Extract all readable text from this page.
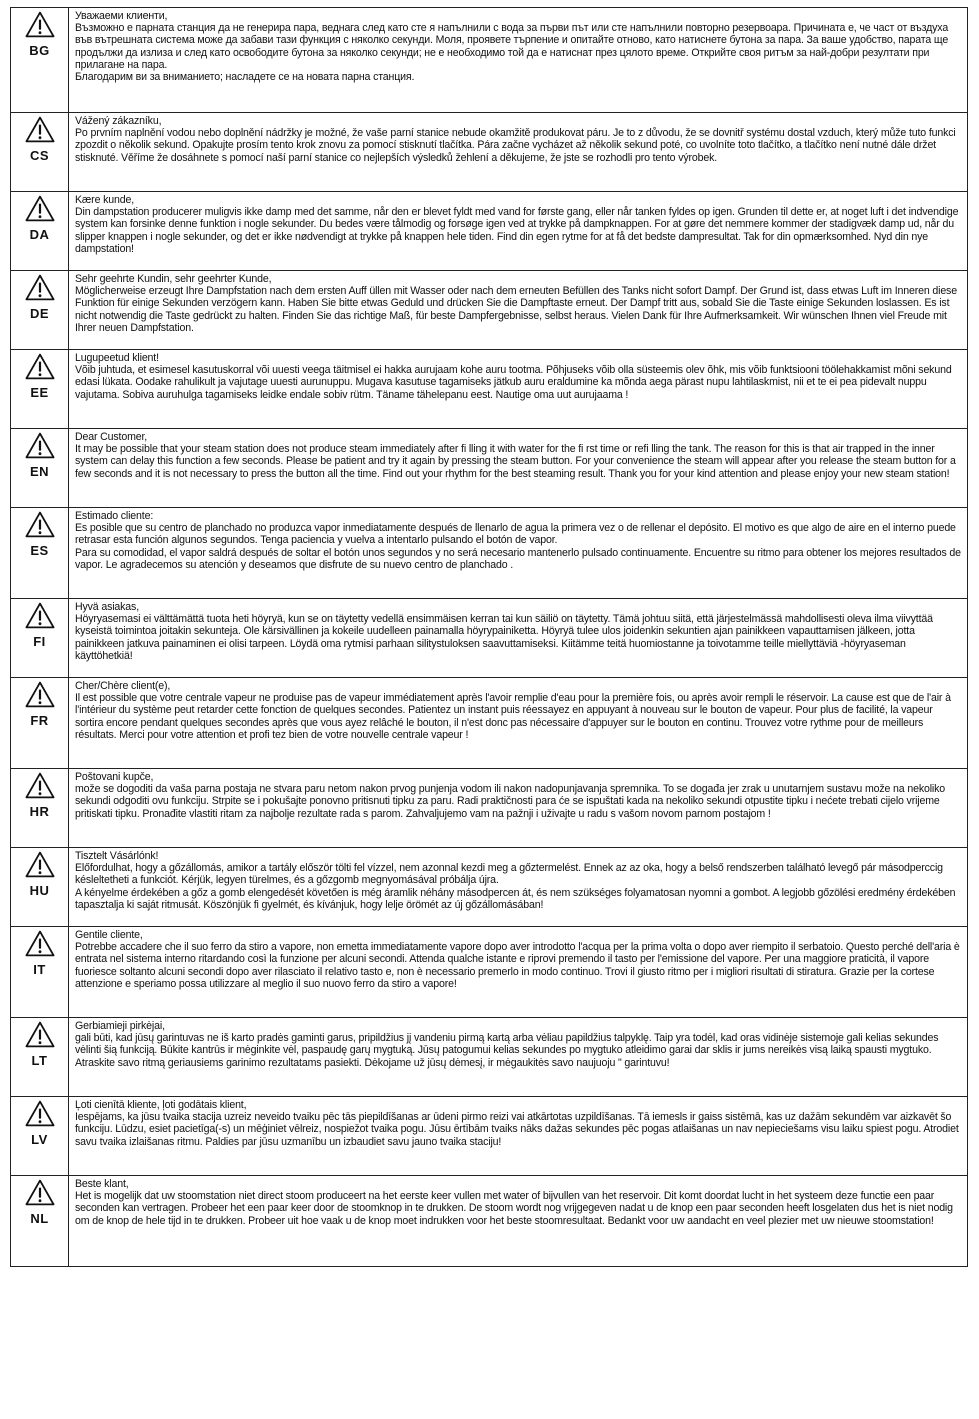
BG

Уважаеми клиенти,

Възможно е парната станция да не генерира пара, веднага след като сте я напълнили с вода за първи път или сте напълнили повторно резервоара. Причината е, че част от въздуха във вътрешната система може да забави тази функция с няколко секунди. Моля, проявете търпение и опитайте отново, като натиснете бутона за пара. За ваше удобство, парата ще продължи да излиза и след като освободите бутона за няколко секунди; не е необходимо той да е натиснат през цялото време. Открийте своя ритъм за най-добри резултати при прилагане на пара.

Благодарим ви за вниманието; насладете се на новата парна станция.

CS

Vážený zákazníku,

Po prvním naplnění vodou nebo doplnění nádržky je možné, že vaše parní stanice nebude okamžitě produkovat páru. Je to z důvodu, že se dovnitř systému dostal vzduch, který může tuto funkci zpozdit o několik sekund. Opakujte prosím tento krok znovu za pomocí stisknutí tlačítka. Pára začne vycházet až několik sekund poté, co uvolníte toto tlačítko, a tlačítko není nutné dále držet stisknuté. Věříme že dosáhnete s pomocí naší parní stanice co nejlepších výsledků žehlení a děkujeme, že jste se rozhodli pro tento výrobek.

DA

Kære kunde,

Din dampstation producerer muligvis ikke damp med det samme, når den er blevet fyldt med vand for første gang, eller når tanken fyldes op igen. Grunden til dette er, at noget luft i det indvendige system kan forsinke denne funktion i nogle sekunder. Du bedes være tålmodig og forsøge igen ved at trykke på dampknappen. For at gøre det nemmere kommer der stadigvæk damp ud, når du slipper knappen i nogle sekunder, og det er ikke nødvendigt at trykke på knappen hele tiden. Find din egen rytme for at få det bedste dampresultat. Tak for din opmærksomhed. Nyd din nye dampstation!

DE

Sehr geehrte Kundin, sehr geehrter Kunde,

Möglicherweise erzeugt Ihre Dampfstation nach dem ersten Auff üllen mit Wasser oder nach dem erneuten Befüllen des Tanks nicht sofort Dampf. Der Grund ist, dass etwas Luft im Inneren diese Funktion für einige Sekunden verzögern kann. Haben Sie bitte etwas Geduld und drücken Sie die Dampftaste erneut. Der Dampf tritt aus, sobald Sie die Taste einige Sekunden loslassen. Es ist nicht notwendig die Taste gedrückt zu halten. Finden Sie das richtige Maß, für beste Dampfergebnisse, selbst heraus. Vielen Dank für Ihre Aufmerksamkeit. Wir wünschen Ihnen viel Freude mit Ihrer neuen Dampfstation.

EE

Lugupeetud klient!

Võib juhtuda, et esimesel kasutuskorral või uuesti veega täitmisel ei hakka aurujaam kohe auru tootma. Põhjuseks võib olla süsteemis olev õhk, mis võib funktsiooni töölehakkamist mõni sekund edasi lükata. Oodake rahulikult ja vajutage uuesti aurunuppu. Mugava kasutuse tagamiseks jätkub auru eraldumine ka mõnda aega pärast nupu lahtilaskmist, nii et te ei pea pidevalt nuppu vajutama. Sobiva auruhulga tagamiseks leidke endale sobiv rütm. Täname tähelepanu eest. Nautige oma uut aurujaama !

EN

Dear Customer,

It may be possible that your steam station does not produce steam immediately after fi lling it with water for the fi rst time or refi lling the tank. The reason for this is that air trapped in the inner system can delay this function a few seconds. Please be patient and try it again by pressing the steam button. For your convenience the steam will appear after you release the steam button for a few seconds and it is not necessary to press the button all the time. Find out your rhythm for the best steaming result. Thank you for your kind attention and please enjoy your new steam station!

ES

Estimado cliente:

Es posible que su centro de planchado no produzca vapor inmediatamente después de llenarlo de agua la primera vez o de rellenar el depósito. El motivo es que algo de aire en el interno puede retrasar esta función algunos segundos. Tenga paciencia y vuelva a intentarlo pulsando el botón de vapor.

Para su comodidad, el vapor saldrá después de soltar el botón unos segundos y no será necesario mantenerlo pulsado continuamente. Encuentre su ritmo para obtener los mejores resultados de vapor. Le agradecemos su atención y deseamos que disfrute de su nuevo centro de planchado .

FI

Hyvä asiakas,

Höyryasemasi ei välttämättä tuota heti höyryä, kun se on täytetty vedellä ensimmäisen kerran tai kun säiliö on täytetty. Tämä johtuu siitä, että järjestelmässä mahdollisesti oleva ilma viivyttää kyseistä toimintoa joitakin sekunteja. Ole kärsivällinen ja kokeile uudelleen painamalla höyrypainiketta. Höyryä tulee ulos joidenkin sekuntien ajan painikkeen vapauttamisen jälkeen, jotta painikkeen jatkuva painaminen ei olisi tarpeen. Löydä oma rytmisi parhaan silitystuloksen saavuttamiseksi. Kiitämme teitä huomiostanne ja toivotamme teille miellyttäviä -höyryaseman käyttöhetkiä!

FR

Cher/Chère client(e),

Il est possible que votre centrale vapeur ne produise pas de vapeur immédiatement après l'avoir remplie d'eau pour la première fois, ou après avoir rempli le réservoir. La cause est que de l'air à l'intérieur du système peut retarder cette fonction de quelques secondes. Patientez un instant puis réessayez en appuyant à nouveau sur le bouton de vapeur. Pour plus de facilité, la vapeur sortira encore pendant quelques secondes après que vous ayez relâché le bouton, il n'est donc pas nécessaire d'appuyer sur le bouton en continu. Trouvez votre rythme pour de meilleurs résultats. Merci pour votre attention et profi tez bien de votre nouvelle centrale vapeur !

HR

Poštovani kupče,

može se dogoditi da vaša parna postaja ne stvara paru netom nakon prvog punjenja vodom ili nakon nadopunjavanja spremnika. To se događa jer zrak u unutarnjem sustavu može na nekoliko sekundi odgoditi ovu funkciju. Strpite se i pokušajte ponovno pritisnuti tipku za paru. Radi praktičnosti para će se ispuštati kada na nekoliko sekundi otpustite tipku i nećete trebati cijelo vrijeme pritiskati tipku. Pronađite vlastiti ritam za najbolje rezultate rada s parom. Zahvaljujemo vam na pažnji i uživajte u radu s vašom novom parnom postajom !

HU

Tisztelt Vásárlónk!

Előfordulhat, hogy a gőzállomás, amikor a tartály először tölti fel vízzel, nem azonnal kezdi meg a gőztermelést. Ennek az az oka, hogy a belső rendszerben található levegő pár másodperccig késleltetheti a funkciót. Kérjük, legyen türelmes, és a gőzgomb megnyomásával próbálja újra.

A kényelme érdekében a gőz a gomb elengedését követően is még áramlik néhány másodpercen át, és nem szükséges folyamatosan nyomni a gombot. A legjobb gőzölési eredmény érdekében tapasztalja ki saját ritmusát. Köszönjük fi gyelmét, és kívánjuk, hogy lelje örömét az új gőzállomásában!

IT

Gentile cliente,

Potrebbe accadere che il suo ferro da stiro a vapore, non emetta immediatamente vapore dopo aver introdotto l'acqua per la prima volta o dopo aver riempito il serbatoio. Questo perché dell'aria è entrata nel sistema interno ritardando così la funzione per alcuni secondi. Attenda qualche istante e riprovi premendo il tasto per l'emissione del vapore. Per una maggiore praticità, il vapore fuoriesce soltanto alcuni secondi dopo aver rilasciato il relativo tasto e, non è necessario premerlo in modo continuo. Trovi il giusto ritmo per i migliori risultati di stiratura. Grazie per la cortese attenzione e speriamo possa utilizzare al meglio il suo nuovo ferro da stiro a vapore!

LT

Gerbiamieji pirkėjai,

gali būti, kad jūsų garintuvas ne iš karto pradės gaminti garus, pripildžius jį vandeniu pirmą kartą arba vėliau papildžius talpyklę. Taip yra todėl, kad oras vidinėje sistemoje gali kelias sekundes vėlinti šią funkciją. Būkite kantrūs ir mėginkite vėl, paspaudę garų mygtuką. Jūsų patogumui kelias sekundes po mygtuko atleidimo garai dar sklis ir jums nereikės visą laiką spausti mygtuko. Atraskite savo ritmą geriausiems garinimo rezultatams pasiekti. Dėkojame už jūsų dėmesį, ir mėgaukitės savo naujuoju " garintuvu!

LV

Ļoti cienītā kliente, ļoti godātais klient,

Iespējams, ka jūsu tvaika stacija uzreiz neveido tvaiku pēc tās piepildīšanas ar ūdeni pirmo reizi vai atkārtotas uzpildīšanas. Tā iemesls ir gaiss sistēmā, kas uz dažām sekundēm var aizkavēt šo funkciju. Lūdzu, esiet pacietīga(-s) un mēģiniet vēlreiz, nospiežot tvaika pogu. Jūsu ērtībām tvaiks nāks dažas sekundes pēc pogas atlaišanas un nav nepieciešams visu laiku spiest pogu. Atrodiet savu tvaika izlaišanas ritmu. Paldies par jūsu uzmanību un izbaudiet savu jauno tvaika staciju!

NL

Beste klant,

Het is mogelijk dat uw stoomstation niet direct stoom produceert na het eerste keer vullen met water of bijvullen van het reservoir. Dit komt doordat lucht in het systeem deze functie een paar seconden kan vertragen. Probeer het een paar keer door de stoomknop in te drukken. De stoom wordt nog vrijgegeven nadat u de knop een paar seconden heeft losgelaten dus het is niet nodig om de knop de hele tijd in te drukken. Probeer uit hoe vaak u de knop moet indrukken voor het beste stoomresultaat. Bedankt voor uw aandacht en veel plezier met uw nieuwe stoomstation!
